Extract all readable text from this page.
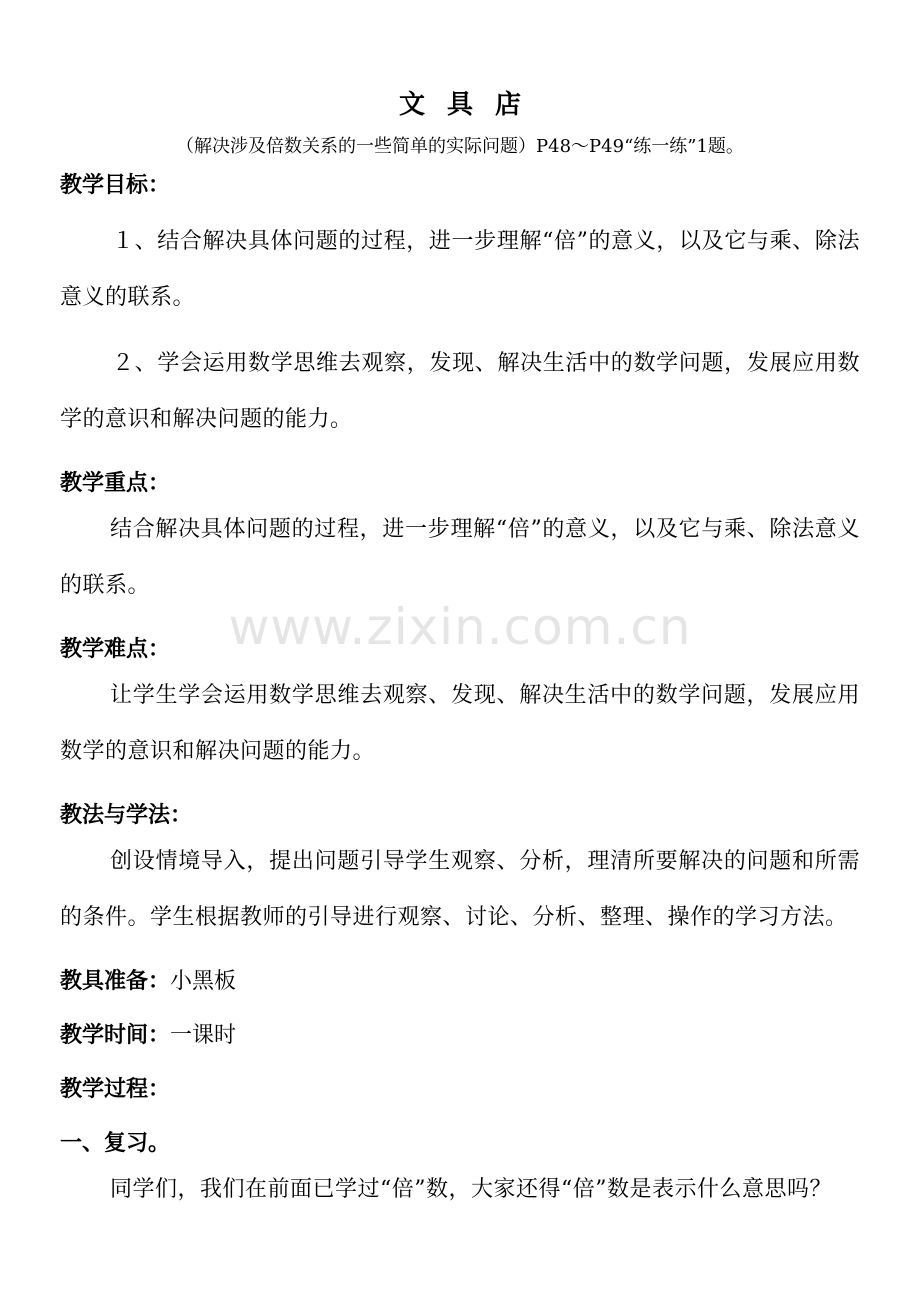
文具店
（解决涉及倍数关系的一些简单的实际问题）P48～P49“练一练”1题。
教学目标：

１、结合解决具体问题的过程，进一步理解“倍”的意义，以及它与乘、除法意义的联系。

２、学会运用数学思维去观察，发现、解决生活中的数学问题，发展应用数学的意识和解决问题的能力。

教学重点：

结合解决具体问题的过程，进一步理解“倍”的意义，以及它与乘、除法意义的联系。

教学难点：

让学生学会运用数学思维去观察、发现、解决生活中的数学问题，发展应用数学的意识和解决问题的能力。

教法与学法：

创设情境导入，提出问题引导学生观察、分析，理清所要解决的问题和所需的条件。学生根据教师的引导进行观察、讨论、分析、整理、操作的学习方法。

教具准备：小黑板
教学时间：一课时
教学过程：
一、复习。

同学们，我们在前面已学过“倍”数，大家还得“倍”数是表示什么意思吗？

www.zixin.com.cn
